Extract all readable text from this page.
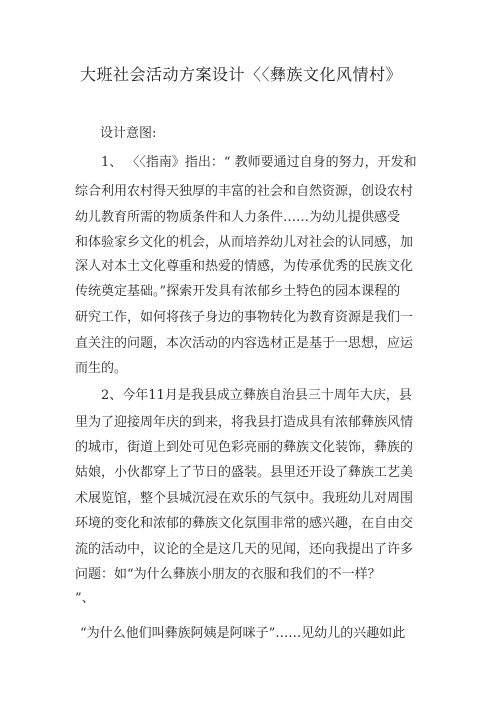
大班社会活动方案设计〈〈彝族文化风情村》
设计意图:
1、 〈〈指南》指出：“ 教师要通过自身的努力，开发和
综合利用农村得天独厚的丰富的社会和自然资源，创设农村
幼儿教育所需的物质条件和人力条件……为幼儿提供感受
和体验家乡文化的机会，从而培养幼儿对社会的认同感，加
深人对本土文化尊重和热爱的情感，为传承优秀的民族文化
传统奠定基础。”探索开发具有浓郁乡土特色的园本课程的
研究工作，如何将孩子身边的事物转化为教育资源是我们一
直关注的问题，本次活动的内容选材正是基于一思想，应运
而生的。
2、今年11月是我县成立彝族自治县三十周年大庆，县
里为了迎接周年庆的到来，将我县打造成具有浓郁彝族风情
的城市，街道上到处可见色彩亮丽的彝族文化装饰，彝族的
姑娘，小伙都穿上了节日的盛装。县里还开设了彝族工艺美
术展览馆，整个县城沉浸在欢乐的气氛中。我班幼儿对周围
环境的变化和浓郁的彝族文化氛围非常的感兴趣，在自由交
流的活动中，议论的全是这几天的见闻，还向我提出了许多
问题：如“为什么彝族小朋友的衣服和我们的不一样？
”、
“为什么他们叫彝族阿姨是阿咪子”……见幼儿的兴趣如此
